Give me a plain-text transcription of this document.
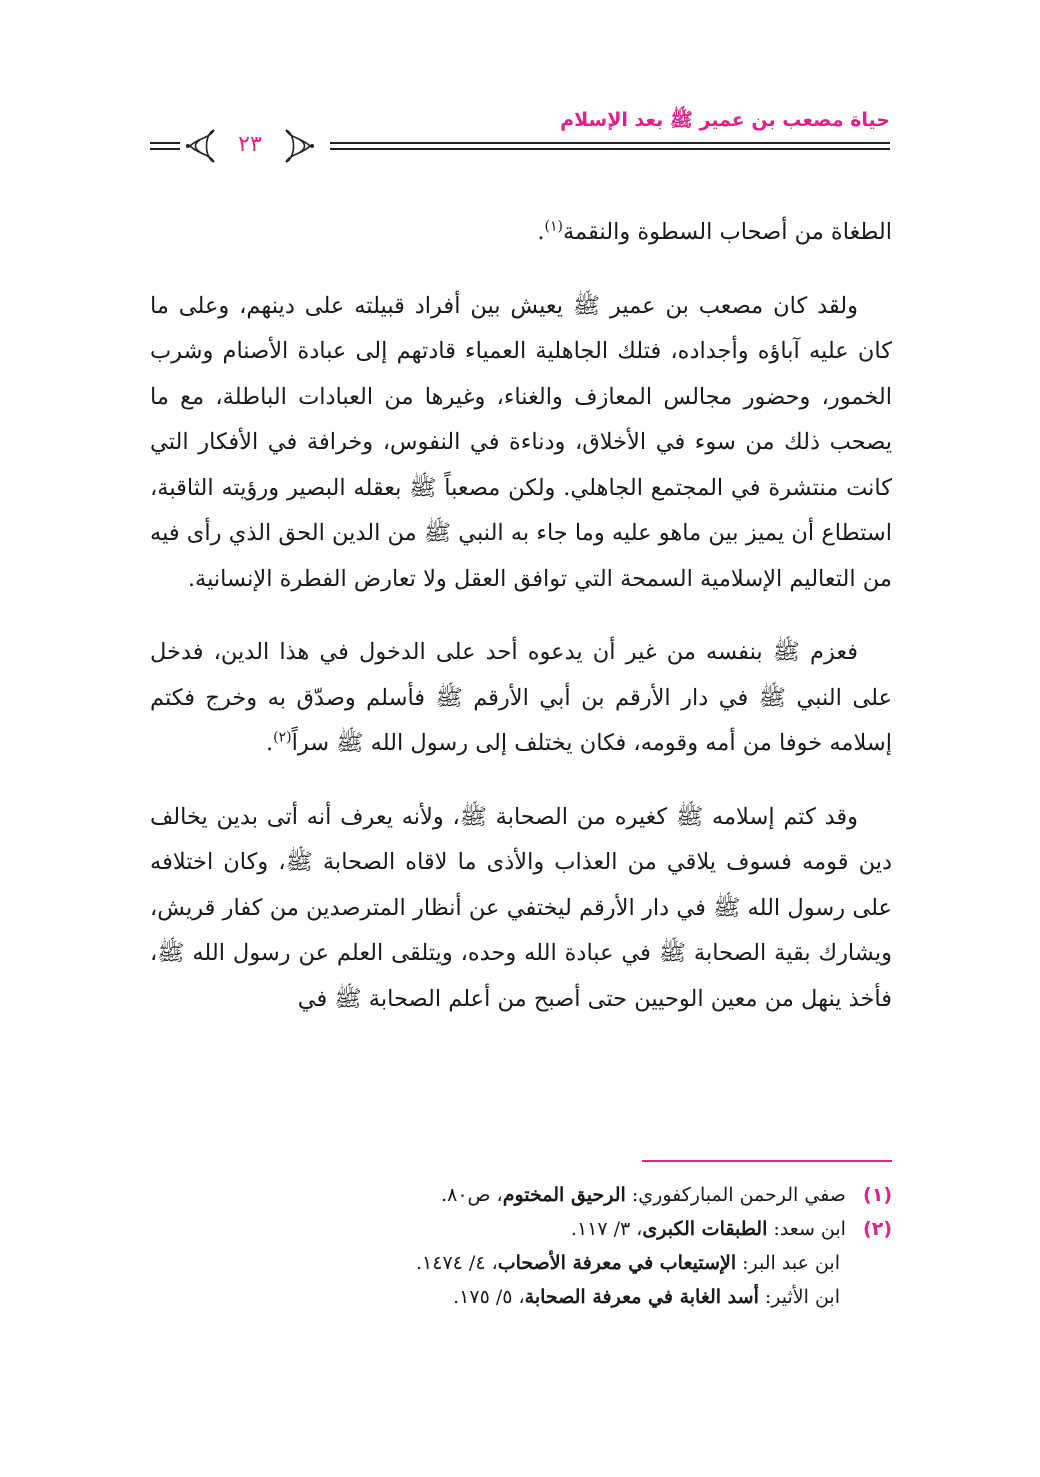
٢٣
حياة مصعب بن عمير ﷺ بعد الإسلام

الطغاة من أصحاب السطوة والنقمة$^{(١)}$.

ولقد كان مصعب بن عمير ﷺ يعيش بين أفراد قبيلته على دينهم، وعلى ما كان عليه آباؤه وأجداده، فتلك الجاهلية العمياء قادتهم إلى عبادة الأصنام وشرب الخمور، وحضور مجالس المعازف والغناء، وغيرها من العبادات الباطلة، مع ما يصحب ذلك من سوء في الأخلاق، ودناءة في النفوس، وخرافة في الأفكار التي كانت منتشرة في المجتمع الجاهلي. ولكن مصعباً ﷺ بعقله البصير ورؤيته الثاقبة، استطاع أن يميز بين ماهو عليه وما جاء به النبي ﷺ من الدين الحق الذي رأى فيه من التعاليم الإسلامية السمحة التي توافق العقل ولا تعارض الفطرة الإنسانية.

فعزم ﷺ بنفسه من غير أن يدعوه أحد على الدخول في هذا الدين، فدخل على النبي ﷺ في دار الأرقم بن أبي الأرقم ﷺ فأسلم وصدّق به وخرج فكتم إسلامه خوفا من أمه وقومه، فكان يختلف إلى رسول الله ﷺ سراً$^{(٢)}$.

وقد كتم إسلامه ﷺ كغيره من الصحابة ﷺ، ولأنه يعرف أنه أتى بدين يخالف دين قومه فسوف يلاقي من العذاب والأذى ما لاقاه الصحابة ﷺ، وكان اختلافه على رسول الله ﷺ في دار الأرقم ليختفي عن أنظار المترصدين من كفار قريش، ويشارك بقية الصحابة ﷺ في عبادة الله وحده، ويتلقى العلم عن رسول الله ﷺ، فأخذ ينهل من معين الوحيين حتى أصبح من أعلم الصحابة ﷺ في

(١) صفي الرحمن المباركفوري: الرحيق المختوم، ص٨٠.
(٢) ابن سعد: الطبقات الكبرى، ٣/ ١١٧.
ابن عبد البر: الإستيعاب في معرفة الأصحاب، ٤/ ١٤٧٤.
ابن الأثير: أسد الغابة في معرفة الصحابة، ٥/ ١٧٥.
